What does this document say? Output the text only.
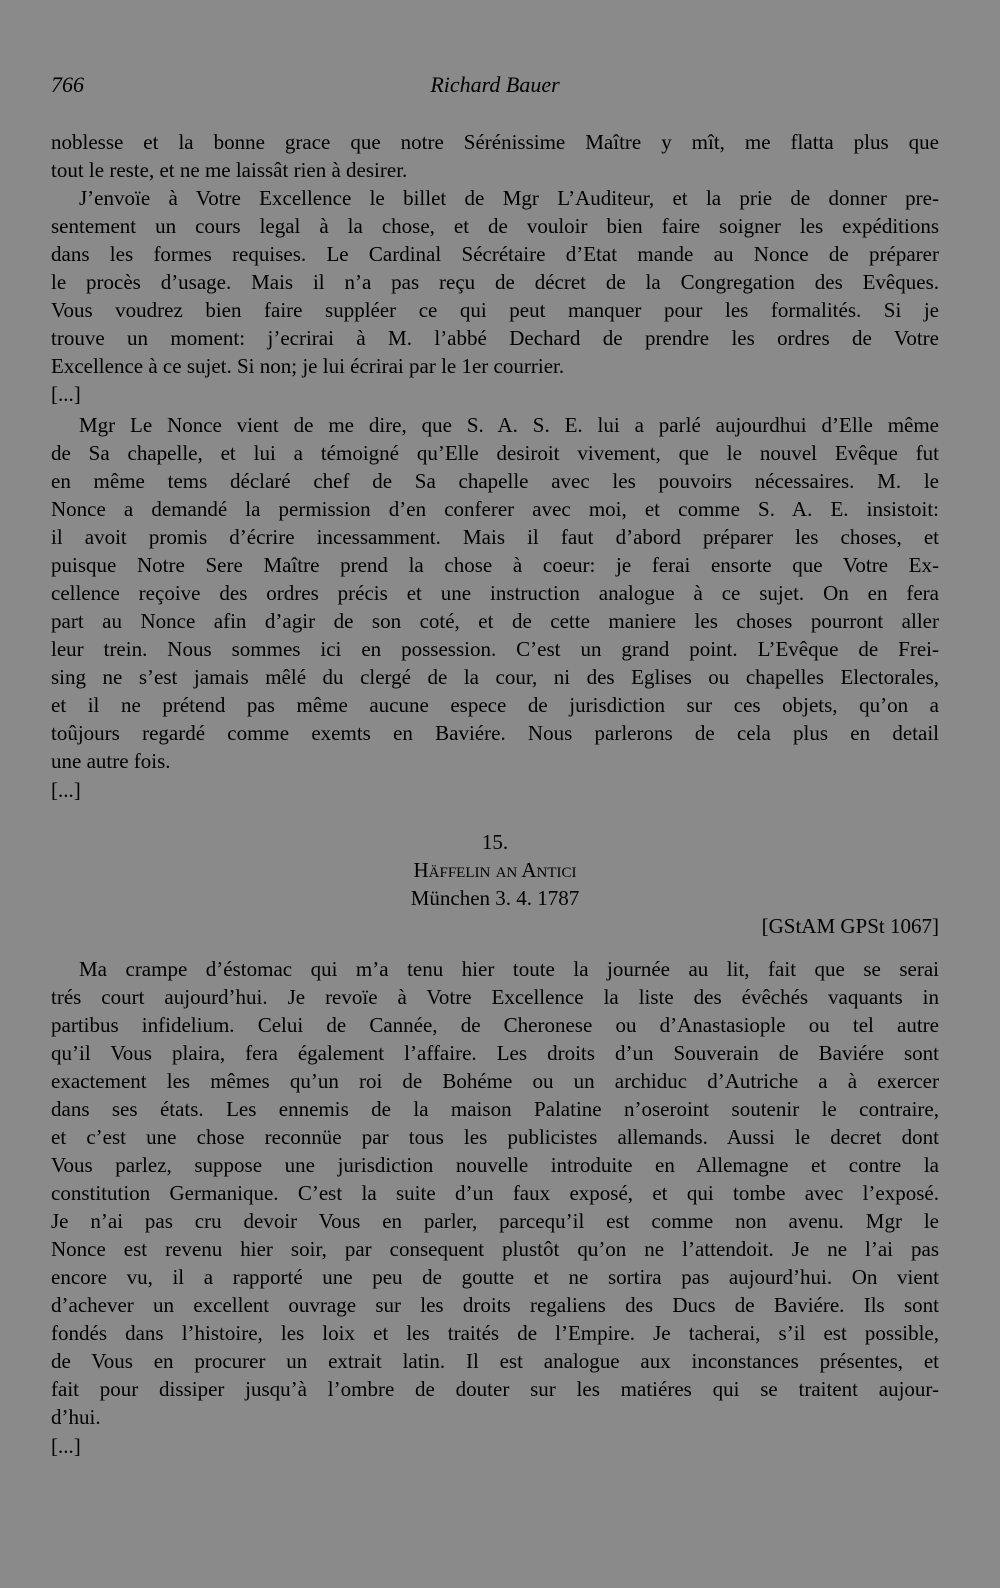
766	Richard Bauer
noblesse et la bonne grace que notre Sérénissime Maître y mît, me flatta plus que
tout le reste, et ne me laissât rien à desirer.
J’envoïe à Votre Excellence le billet de Mgr L’Auditeur, et la prie de donner pre-
sentement un cours legal à la chose, et de vouloir bien faire soigner les expéditions
dans les formes requises. Le Cardinal Sécrétaire d’Etat mande au Nonce de préparer
le procès d’usage. Mais il n’a pas reçu de décret de la Congregation des Evêques.
Vous voudrez bien faire suppléer ce qui peut manquer pour les formalités. Si je
trouve un moment: j’ecrirai à M. l’abbé Dechard de prendre les ordres de Votre
Excellence à ce sujet. Si non; je lui écrirai par le 1er courrier.
[...]
Mgr Le Nonce vient de me dire, que S. A. S. E. lui a parlé aujourdhui d’Elle même
de Sa chapelle, et lui a témoigné qu’Elle desiroit vivement, que le nouvel Evêque fut
en même tems déclaré chef de Sa chapelle avec les pouvoirs nécessaires. M. le
Nonce a demandé la permission d’en conferer avec moi, et comme S. A. E. insistoit:
il avoit promis d’écrire incessamment. Mais il faut d’abord préparer les choses, et
puisque Notre Sere Maître prend la chose à coeur: je ferai ensorte que Votre Ex-
cellence reçoive des ordres précis et une instruction analogue à ce sujet. On en fera
part au Nonce afin d’agir de son coté, et de cette maniere les choses pourront aller
leur trein. Nous sommes ici en possession. C’est un grand point. L’Evêque de Frei-
sing ne s’est jamais mêlé du clergé de la cour, ni des Eglises ou chapelles Electorales,
et il ne prétend pas même aucune espece de jurisdiction sur ces objets, qu’on a
toûjours regardé comme exemts en Baviére. Nous parlerons de cela plus en detail
une autre fois.
[...]
15.
Häffelin an Antici
München 3. 4. 1787
[GStAM GPSt 1067]
Ma crampe d’éstomac qui m’a tenu hier toute la journée au lit, fait que se serai
trés court aujourd’hui. Je revoïe à Votre Excellence la liste des évêchés vaquants in
partibus infidelium. Celui de Cannée, de Cheronese ou d’Anastasiople ou tel autre
qu’il Vous plaira, fera également l’affaire. Les droits d’un Souverain de Baviére sont
exactement les mêmes qu’un roi de Bohéme ou un archiduc d’Autriche a à exercer
dans ses états. Les ennemis de la maison Palatine n’oseroint soutenir le contraire,
et c’est une chose reconnüe par tous les publicistes allemands. Aussi le decret dont
Vous parlez, suppose une jurisdiction nouvelle introduite en Allemagne et contre la
constitution Germanique. C’est la suite d’un faux exposé, et qui tombe avec l’exposé.
Je n’ai pas cru devoir Vous en parler, parcequ’il est comme non avenu. Mgr le
Nonce est revenu hier soir, par consequent plustôt qu’on ne l’attendoit. Je ne l’ai pas
encore vu, il a rapporté une peu de goutte et ne sortira pas aujourd’hui. On vient
d’achever un excellent ouvrage sur les droits regaliens des Ducs de Baviére. Ils sont
fondés dans l’histoire, les loix et les traités de l’Empire. Je tacherai, s’il est possible,
de Vous en procurer un extrait latin. Il est analogue aux inconstances présentes, et
fait pour dissiper jusqu’à l’ombre de douter sur les matiéres qui se traitent aujour-
d’hui.
[...]
